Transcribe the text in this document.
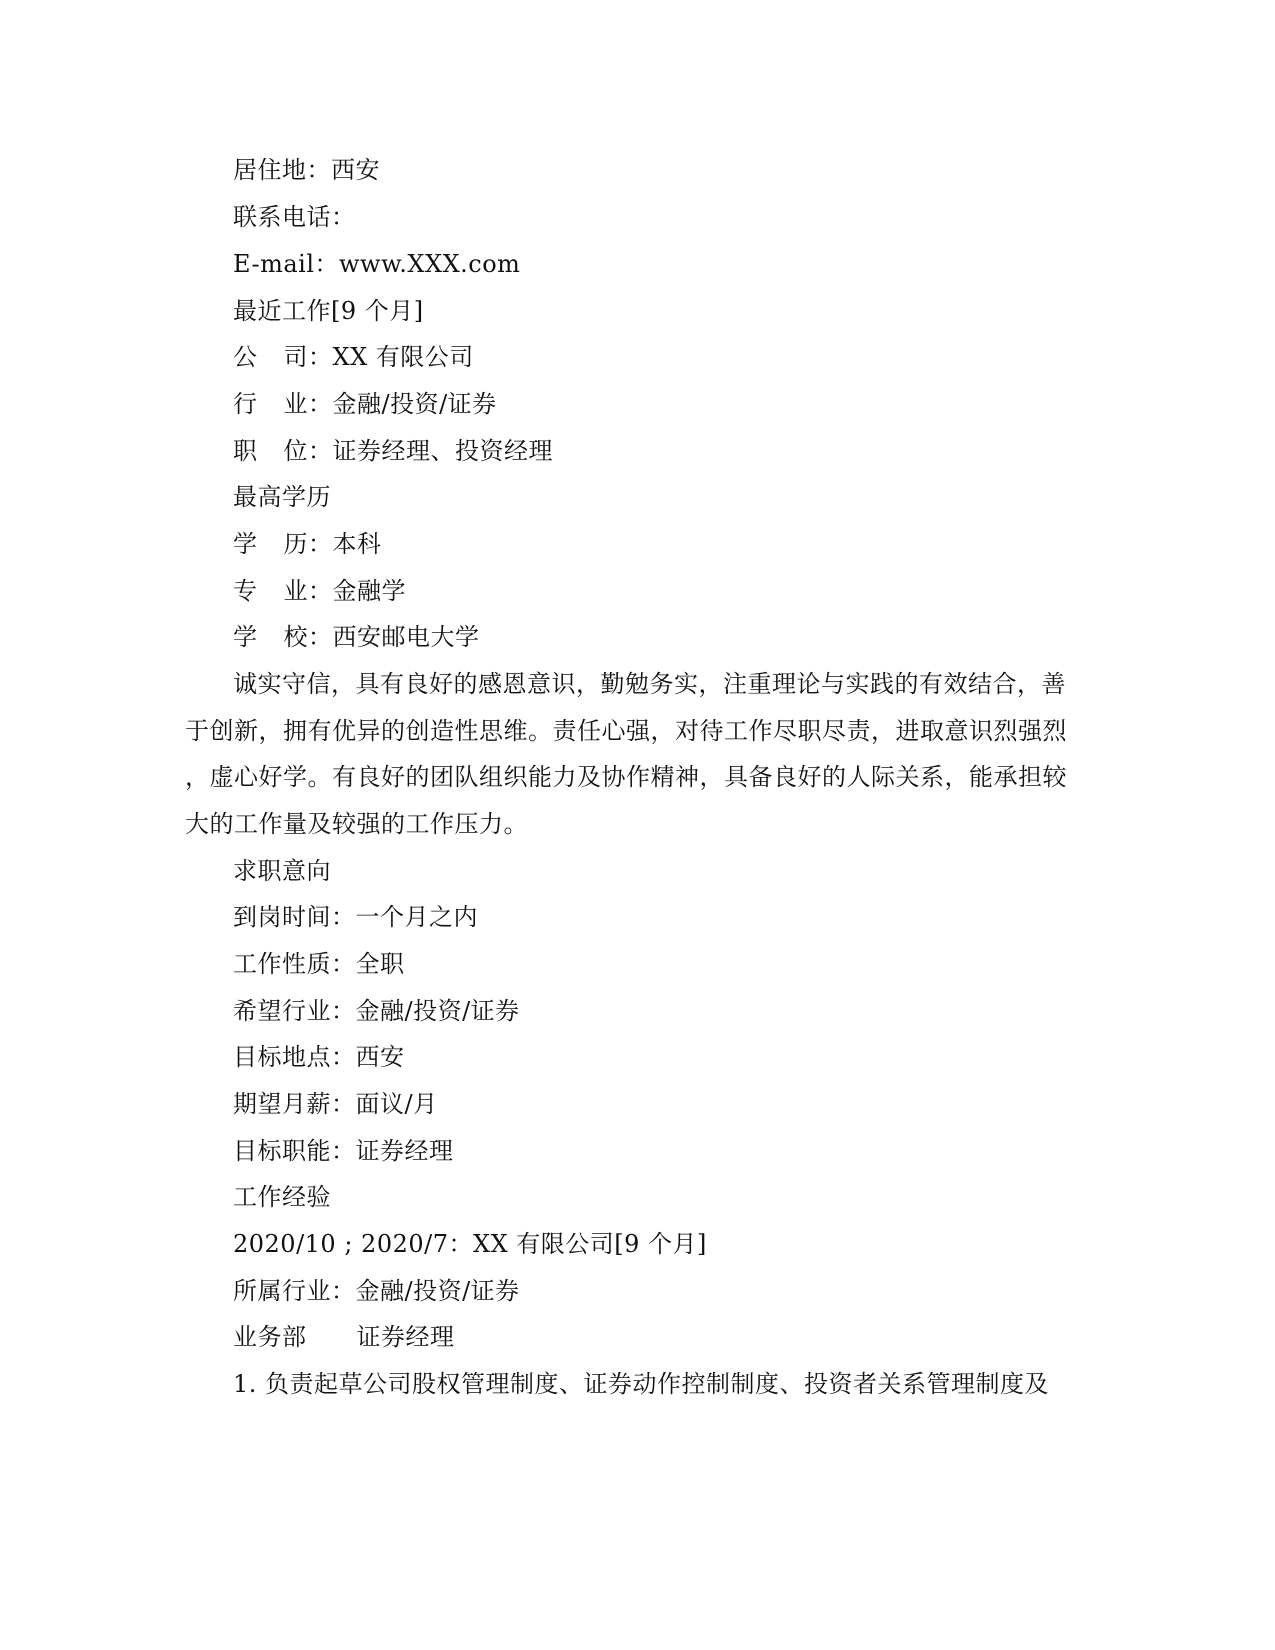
居住地：西安
联系电话：
E-mail：www.XXX.com
最近工作[9 个月]
公 司：XX 有限公司
行 业：金融/投资/证券
职 位：证券经理、投资经理
最高学历
学 历：本科
专 业：金融学
学 校：西安邮电大学
诚实守信，具有良好的感恩意识，勤勉务实，注重理论与实践的有效结合，善
于创新，拥有优异的创造性思维。责任心强，对待工作尽职尽责，进取意识烈强烈
，虚心好学。有良好的团队组织能力及协作精神，具备良好的人际关系，能承担较
大的工作量及较强的工作压力。
求职意向
到岗时间：一个月之内
工作性质：全职
希望行业：金融/投资/证券
目标地点：西安
期望月薪：面议/月
目标职能：证券经理
工作经验
2020/10 ; 2020/7：XX 有限公司[9 个月]
所属行业：金融/投资/证券
业务部 证券经理
1. 负责起草公司股权管理制度、证券动作控制制度、投资者关系管理制度及
